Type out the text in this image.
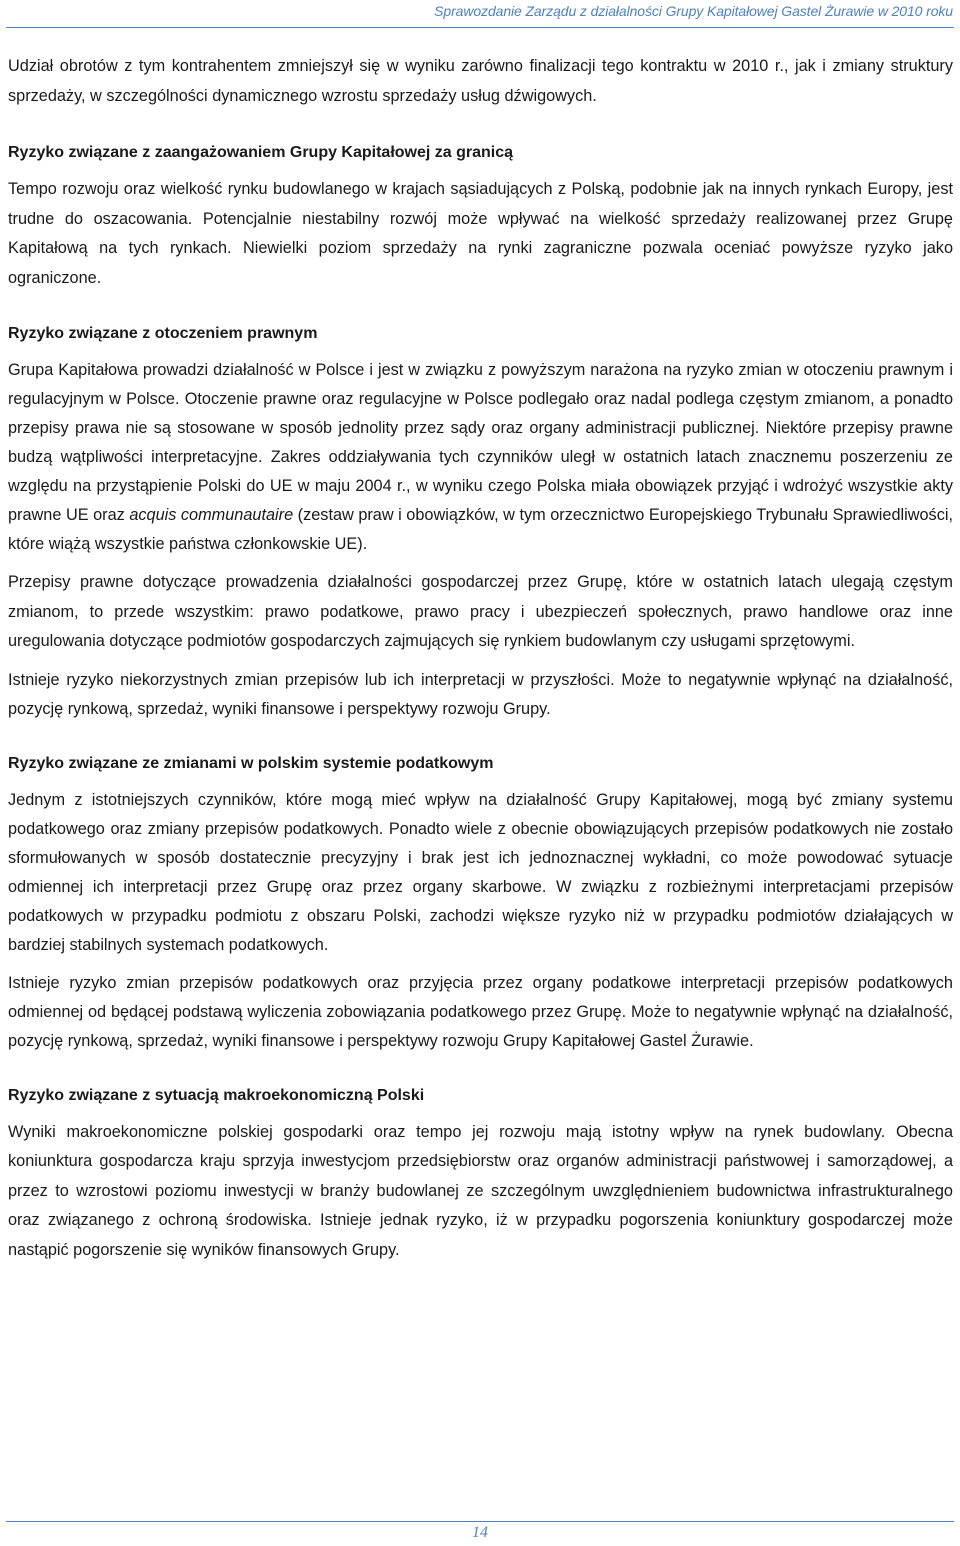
Sprawozdanie Zarządu z działalności Grupy Kapitałowej Gastel Żurawie w 2010 roku

Udział obrotów z tym kontrahentem zmniejszył się w wyniku zarówno finalizacji tego kontraktu w 2010 r., jak i zmiany struktury sprzedaży, w szczególności dynamicznego wzrostu sprzedaży usług dźwigowych.

Ryzyko związane z zaangażowaniem Grupy Kapitałowej za granicą

Tempo rozwoju oraz wielkość rynku budowlanego w krajach sąsiadujących z Polską, podobnie jak na innych rynkach Europy, jest trudne do oszacowania. Potencjalnie niestabilny rozwój może wpływać na wielkość sprzedaży realizowanej przez Grupę Kapitałową na tych rynkach. Niewielki poziom sprzedaży na rynki zagraniczne pozwala oceniać powyższe ryzyko jako ograniczone.

Ryzyko związane z otoczeniem prawnym

Grupa Kapitałowa prowadzi działalność w Polsce i jest w związku z powyższym narażona na ryzyko zmian w otoczeniu prawnym i regulacyjnym w Polsce. Otoczenie prawne oraz regulacyjne w Polsce podlegało oraz nadal podlega częstym zmianom, a ponadto przepisy prawa nie są stosowane w sposób jednolity przez sądy oraz organy administracji publicznej. Niektóre przepisy prawne budzą wątpliwości interpretacyjne. Zakres oddziaływania tych czynników uległ w ostatnich latach znacznemu poszerzeniu ze względu na przystąpienie Polski do UE w maju 2004 r., w wyniku czego Polska miała obowiązek przyjąć i wdrożyć wszystkie akty prawne UE oraz acquis communautaire (zestaw praw i obowiązków, w tym orzecznictwo Europejskiego Trybunału Sprawiedliwości, które wiążą wszystkie państwa członkowskie UE).

Przepisy prawne dotyczące prowadzenia działalności gospodarczej przez Grupę, które w ostatnich latach ulegają częstym zmianom, to przede wszystkim: prawo podatkowe, prawo pracy i ubezpieczeń społecznych, prawo handlowe oraz inne uregulowania dotyczące podmiotów gospodarczych zajmujących się rynkiem budowlanym czy usługami sprzętowymi.

Istnieje ryzyko niekorzystnych zmian przepisów lub ich interpretacji w przyszłości. Może to negatywnie wpłynąć na działalność, pozycję rynkową, sprzedaż, wyniki finansowe i perspektywy rozwoju Grupy.

Ryzyko związane ze zmianami w polskim systemie podatkowym

Jednym z istotniejszych czynników, które mogą mieć wpływ na działalność Grupy Kapitałowej, mogą być zmiany systemu podatkowego oraz zmiany przepisów podatkowych. Ponadto wiele z obecnie obowiązujących przepisów podatkowych nie zostało sformułowanych w sposób dostatecznie precyzyjny i brak jest ich jednoznacznej wykładni, co może powodować sytuacje odmiennej ich interpretacji przez Grupę oraz przez organy skarbowe. W związku z rozbieżnymi interpretacjami przepisów podatkowych w przypadku podmiotu z obszaru Polski, zachodzi większe ryzyko niż w przypadku podmiotów działających w bardziej stabilnych systemach podatkowych.

Istnieje ryzyko zmian przepisów podatkowych oraz przyjęcia przez organy podatkowe interpretacji przepisów podatkowych odmiennej od będącej podstawą wyliczenia zobowiązania podatkowego przez Grupę. Może to negatywnie wpłynąć na działalność, pozycję rynkową, sprzedaż, wyniki finansowe i perspektywy rozwoju Grupy Kapitałowej Gastel Żurawie.

Ryzyko związane z sytuacją makroekonomiczną Polski

Wyniki makroekonomiczne polskiej gospodarki oraz tempo jej rozwoju mają istotny wpływ na rynek budowlany. Obecna koniunktura gospodarcza kraju sprzyja inwestycjom przedsiębiorstw oraz organów administracji państwowej i samorządowej, a przez to wzrostowi poziomu inwestycji w branży budowlanej ze szczególnym uwzględnieniem budownictwa infrastrukturalnego oraz związanego z ochroną środowiska. Istnieje jednak ryzyko, iż w przypadku pogorszenia koniunktury gospodarczej może nastąpić pogorszenie się wyników finansowych Grupy.

14
